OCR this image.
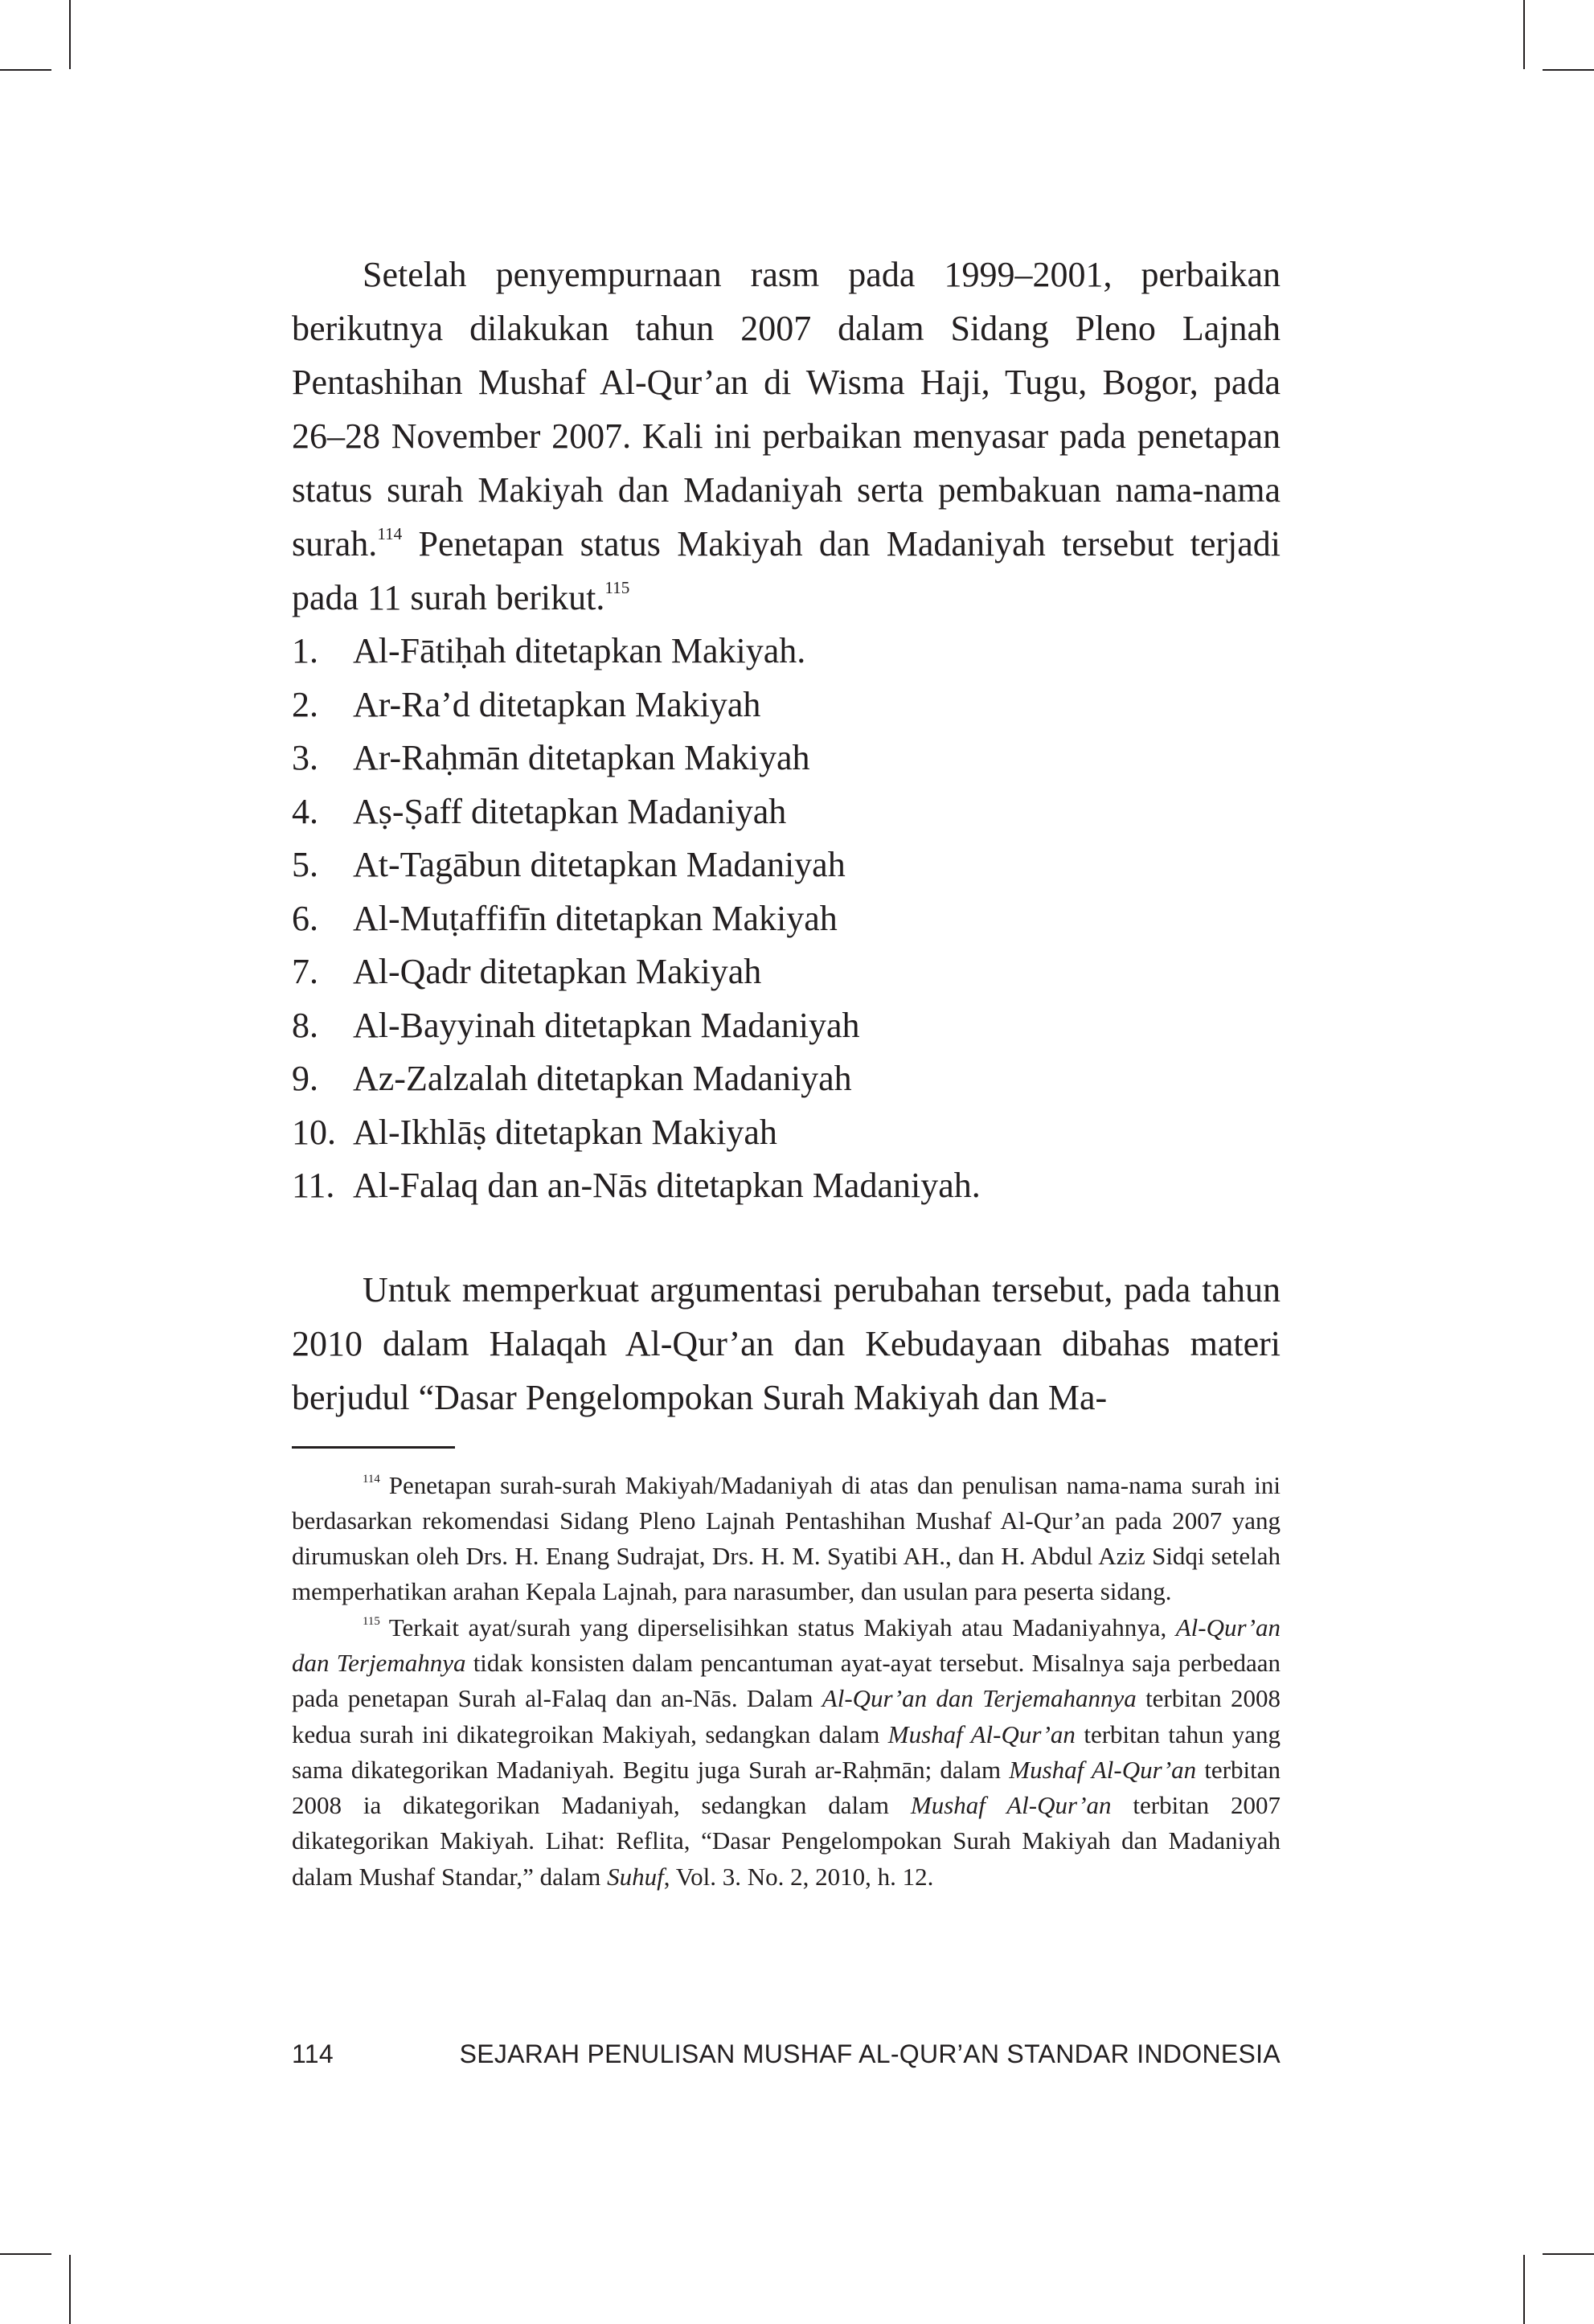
Setelah penyempurnaan rasm pada 1999–2001, perbaikan berikutnya dilakukan tahun 2007 dalam Sidang Pleno Lajnah Pentashihan Mushaf Al-Qur’an di Wisma Haji, Tugu, Bogor, pada 26–28 November 2007. Kali ini perbaikan menyasar pada penetapan status surah Makiyah dan Madaniyah serta pembakuan nama-nama surah.$^{114}$ Penetapan status Makiyah dan Madaniyah tersebut terjadi pada 11 surah berikut.$^{115}$

1. Al-Fātiḥah ditetapkan Makiyah.
2. Ar-Ra’d ditetapkan Makiyah
3. Ar-Raḥmān ditetapkan Makiyah
4. Aṣ-Ṣaff ditetapkan Madaniyah
5. At-Tagābun ditetapkan Madaniyah
6. Al-Muṭaffifīn ditetapkan Makiyah
7. Al-Qadr ditetapkan Makiyah
8. Al-Bayyinah ditetapkan Madaniyah
9. Az-Zalzalah ditetapkan Madaniyah
10. Al-Ikhlāṣ ditetapkan Makiyah
11. Al-Falaq dan an-Nās ditetapkan Madaniyah.

Untuk memperkuat argumentasi perubahan tersebut, pada tahun 2010 dalam Halaqah Al-Qur’an dan Kebudayaan dibahas materi berjudul “Dasar Pengelompokan Surah Makiyah dan Ma-

$^{114}$ Penetapan surah-surah Makiyah/Madaniyah di atas dan penulisan nama-nama surah ini berdasarkan rekomendasi Sidang Pleno Lajnah Pentashihan Mushaf Al-Qur’an pada 2007 yang dirumuskan oleh Drs. H. Enang Sudrajat, Drs. H. M. Syatibi AH., dan H. Abdul Aziz Sidqi setelah memperhatikan arahan Kepala Lajnah, para narasumber, dan usulan para peserta sidang.

$^{115}$ Terkait ayat/surah yang diperselisihkan status Makiyah atau Madaniyahnya, Al-Qur’an dan Terjemahnya tidak konsisten dalam pencantuman ayat-ayat tersebut. Misalnya saja perbedaan pada penetapan Surah al-Falaq dan an-Nās. Dalam Al-Qur’an dan Terjemahannya terbitan 2008 kedua surah ini dikategroikan Makiyah, sedangkan dalam Mushaf Al-Qur’an terbitan tahun yang sama dikategorikan Madaniyah. Begitu juga Surah ar-Raḥmān; dalam Mushaf Al-Qur’an terbitan 2008 ia dikategorikan Madaniyah, sedangkan dalam Mushaf Al-Qur’an terbitan 2007 dikategorikan Makiyah. Lihat: Reflita, “Dasar Pengelompokan Surah Makiyah dan Madaniyah dalam Mushaf Standar,” dalam Suhuf, Vol. 3. No. 2, 2010, h. 12.

114	SEJARAH PENULISAN MUSHAF AL-QUR’AN STANDAR INDONESIA
